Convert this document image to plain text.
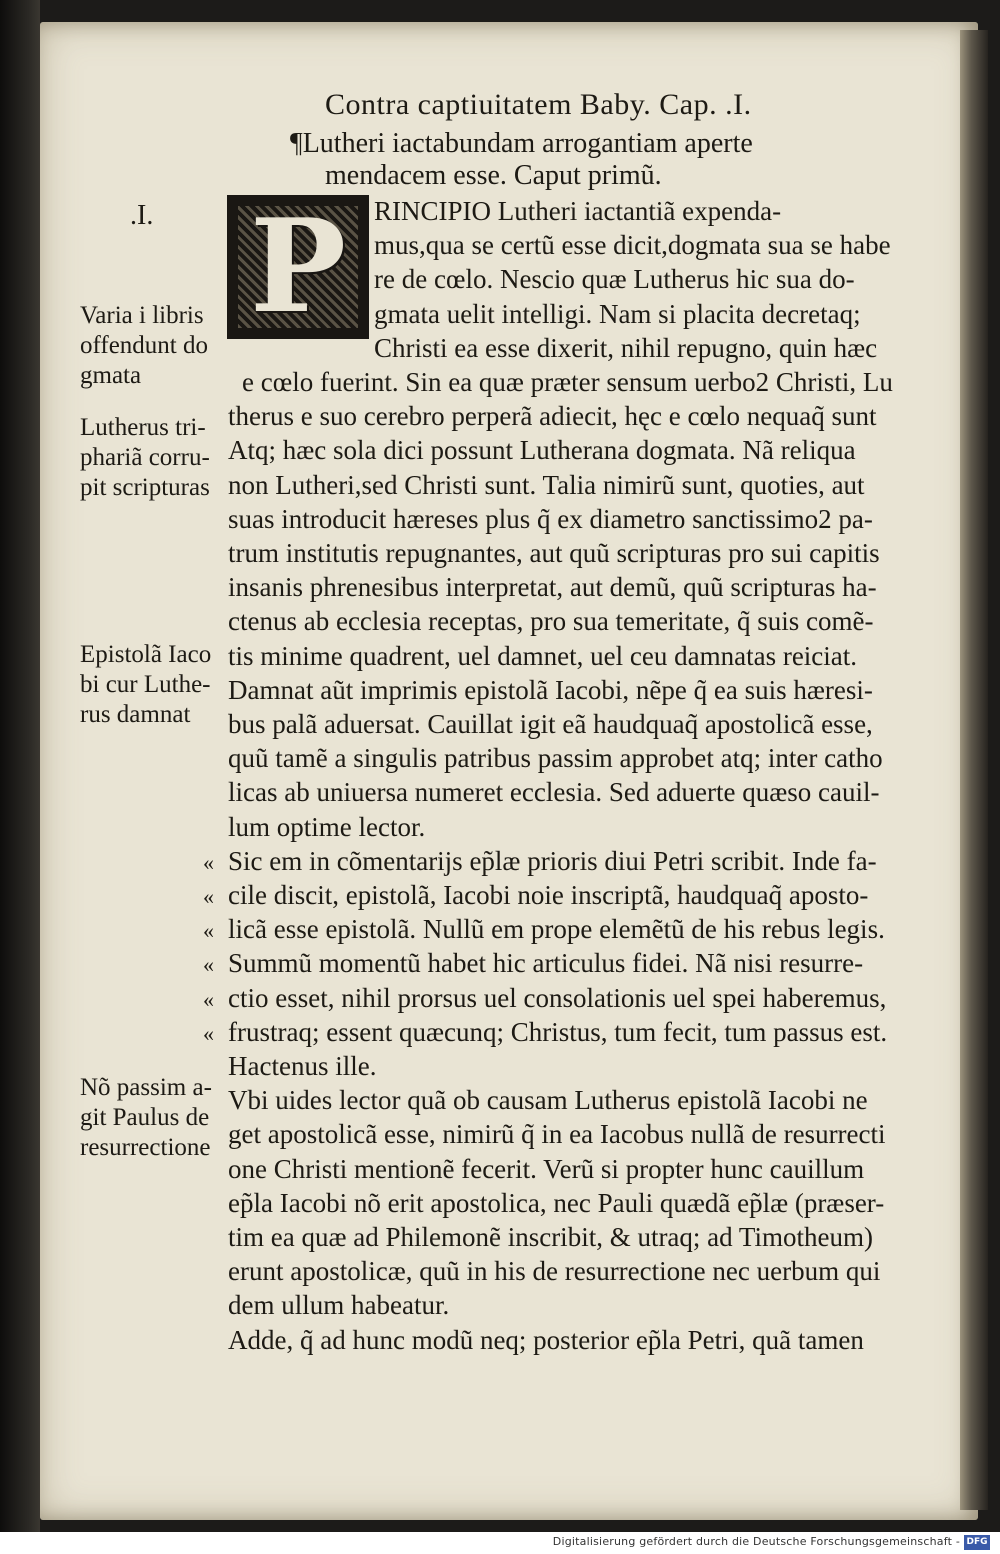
Contra captiuitatem Baby. Cap. .I.
¶Lutheri iactabundam arrogantiam aperte
mendacem esse. Caput primũ.
.I. P	RINCIPIO Lutheri iactantiã expenda-
mus,qua se certũ esse dicit,dogmata sua se habe
re de cœlo. Nescio quæ Lutherus hic sua do-
gmata uelit intelligi. Nam si placita decretaq;
Christi ea esse dixerit, nihil repugno, quin hæc
e cœlo fuerint. Sin ea quæ præter sensum uerbo2 Christi, Lu
therus e suo cerebro perperã adiecit, hęc e cœlo nequaq̃ sunt
Atq; hæc sola dici possunt Lutherana dogmata. Nã reliqua
non Lutheri,sed Christi sunt. Talia nimirũ sunt, quoties, aut
suas introducit hæreses plus q̃ ex diametro sanctissimo2 pa-
trum institutis repugnantes, aut quũ scripturas pro sui capitis
insanis phrenesibus interpretat, aut demũ, quũ scripturas ha-
ctenus ab ecclesia receptas, pro sua temeritate, q̃ suis comẽ-
tis minime quadrent, uel damnet, uel ceu damnatas reiciat.
Damnat aũt imprimis epistolã Iacobi, nẽpe q̃ ea suis hæresi-
bus palã aduersat. Cauillat igit eã haudquaq̃ apostolicã esse,
quũ tamẽ a singulis patribus passim approbet atq; inter catho
licas ab uniuersa numeret ecclesia. Sed aduerte quæso cauil-
lum optime lector.
Sic em in cõmentarijs ep̃læ prioris diui Petri scribit. Inde fa-
cile discit, epistolã, Iacobi noie inscriptã, haudquaq̃ aposto-
licã esse epistolã. Nullũ em prope elemẽtũ de his rebus legis.
Summũ momentũ habet hic articulus fidei. Nã nisi resurre-
ctio esset, nihil prorsus uel consolationis uel spei haberemus,
frustraq; essent quæcunq; Christus, tum fecit, tum passus est.
Hactenus ille.
Vbi uides lector quã ob causam Lutherus epistolã Iacobi ne
get apostolicã esse, nimirũ q̃ in ea Iacobus nullã de resurrecti
one Christi mentionẽ fecerit. Verũ si propter hunc cauillum
ep̃la Iacobi nõ erit apostolica, nec Pauli quædã ep̃læ (præser-
tim ea quæ ad Philemonẽ inscribit, & utraq; ad Timotheum)
erunt apostolicæ, quũ in his de resurrectione nec uerbum qui
dem ullum habeatur.
Adde, q̃ ad hunc modũ neq; posterior ep̃la Petri, quã tamen
Varia i libris
offendunt do
gmata
Lutherus tri-
phariã corru-
pit scripturas
Epistolã Iaco
bi cur Luthe-
rus damnat
Nõ passim a-
git Paulus de
resurrectione
«
«
«
«
«
«
Digitalisierung gefördert durch die Deutsche Forschungsgemeinschaft - DFG
